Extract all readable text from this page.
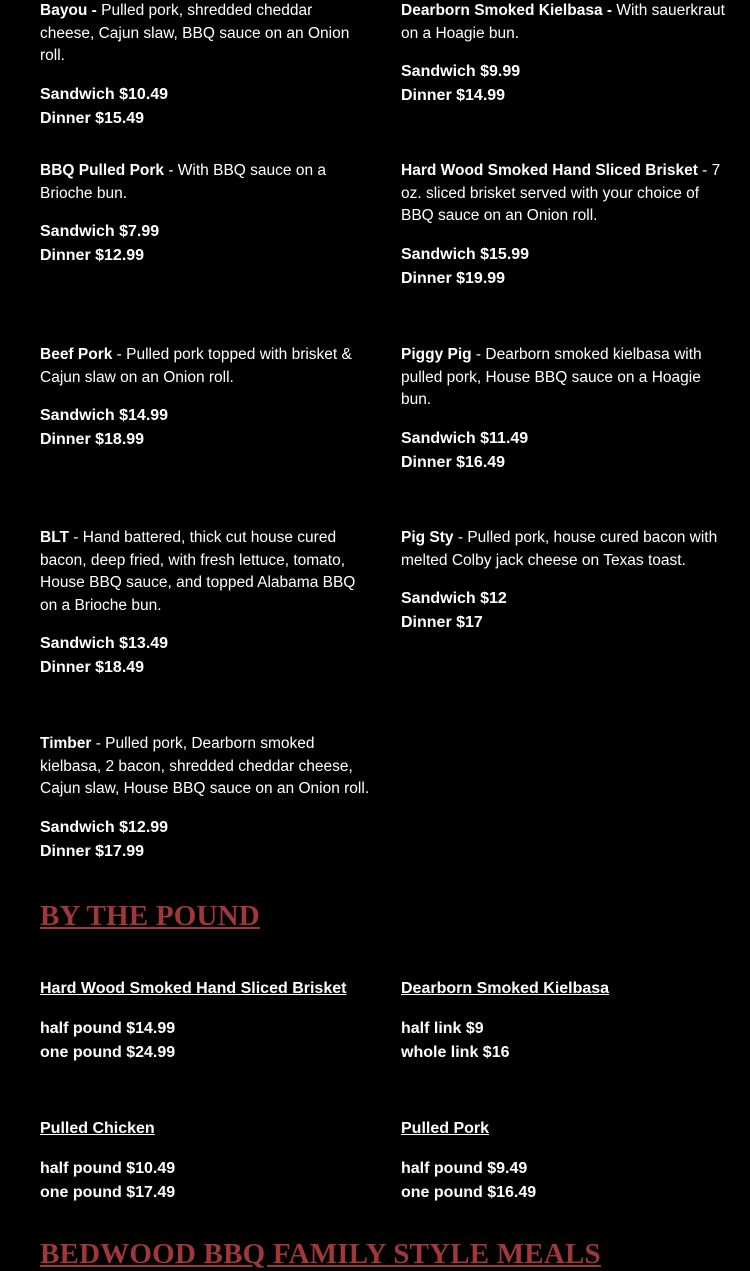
Bayou - Pulled pork, shredded cheddar cheese, Cajun slaw, BBQ sauce on an Onion roll.

Sandwich $10.49

Dinner $15.49

Dearborn Smoked Kielbasa - With sauerkraut on a Hoagie bun.

Sandwich $9.99

Dinner $14.99

BBQ Pulled Pork - With BBQ sauce on a Brioche bun.

Sandwich $7.99

Dinner $12.99

Hard Wood Smoked Hand Sliced Brisket - 7 oz. sliced brisket served with your choice of BBQ sauce on an Onion roll.

Sandwich $15.99

Dinner $19.99

Beef Pork - Pulled pork topped with brisket & Cajun slaw on an Onion roll.

Sandwich $14.99

Dinner $18.99

Piggy Pig - Dearborn smoked kielbasa with pulled pork, House BBQ sauce on a Hoagie bun.

Sandwich $11.49

Dinner $16.49

BLT - Hand battered, thick cut house cured bacon, deep fried, with fresh lettuce, tomato, House BBQ sauce, and topped Alabama BBQ on a Brioche bun.

Sandwich $13.49

Dinner $18.49

Pig Sty - Pulled pork, house cured bacon with melted Colby jack cheese on Texas toast.

Sandwich $12

Dinner $17

Timber - Pulled pork, Dearborn smoked kielbasa, 2 bacon, shredded cheddar cheese, Cajun slaw, House BBQ sauce on an Onion roll.

Sandwich $12.99

Dinner $17.99

BY THE POUND

Hard Wood Smoked Hand Sliced Brisket

half pound $14.99

one pound $24.99

Dearborn Smoked Kielbasa

half link $9

whole link $16

Pulled Chicken

half pound $10.49

one pound $17.49

Pulled Pork

half pound $9.49

one pound $16.49

BEDWOOD BBQ FAMILY STYLE MEALS
